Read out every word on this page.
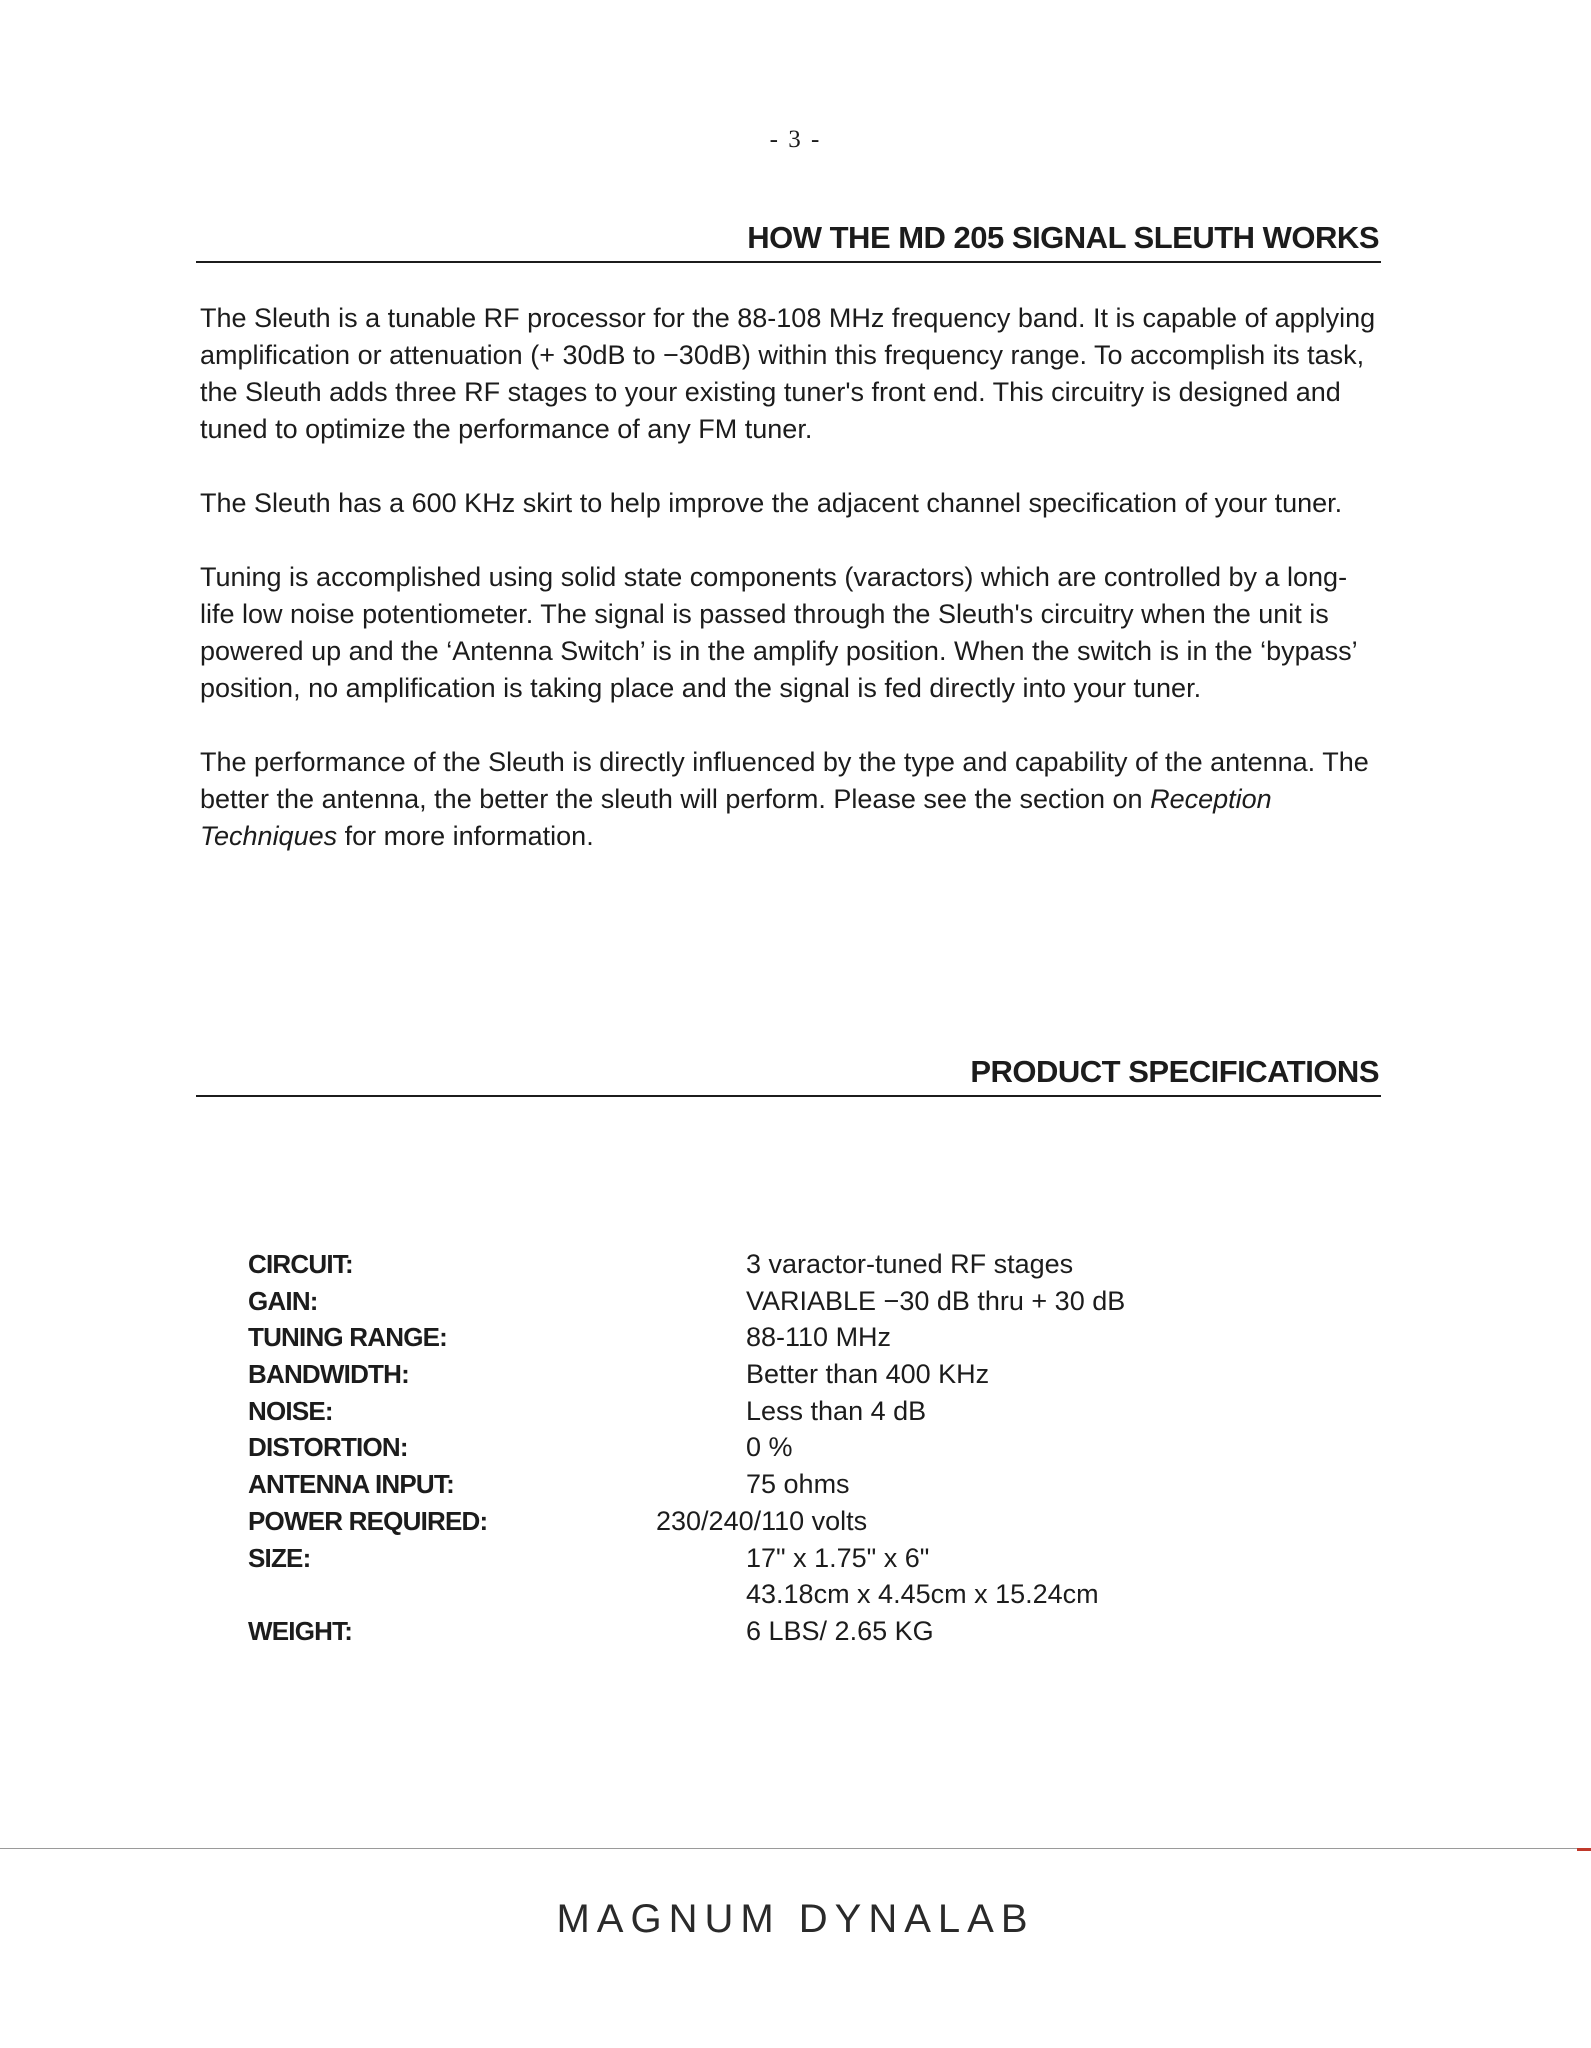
- 3 -
HOW THE MD 205 SIGNAL SLEUTH WORKS

The Sleuth is a tunable RF processor for the 88-108 MHz frequency band. It is capable of applying amplification or attenuation (+ 30dB to −30dB) within this frequency range. To accomplish its task, the Sleuth adds three RF stages to your existing tuner's front end. This circuitry is designed and tuned to optimize the performance of any FM tuner.

The Sleuth has a 600 KHz skirt to help improve the adjacent channel specification of your tuner.

Tuning is accomplished using solid state components (varactors) which are controlled by a long-life low noise potentiometer. The signal is passed through the Sleuth's circuitry when the unit is powered up and the ‘Antenna Switch’ is in the amplify position. When the switch is in the ‘bypass’ position, no amplification is taking place and the signal is fed directly into your tuner.

The performance of the Sleuth is directly influenced by the type and capability of the antenna. The better the antenna, the better the sleuth will perform. Please see the section on Reception Techniques for more information.

PRODUCT SPECIFICATIONS
CIRCUIT:	3 varactor-tuned RF stages
GAIN:	VARIABLE −30 dB thru + 30 dB
TUNING RANGE:	88-110 MHz
BANDWIDTH:	Better than 400 KHz
NOISE:	Less than 4 dB
DISTORTION:	0 %
ANTENNA INPUT:	75 ohms
POWER REQUIRED:	230/240/110 volts
SIZE:	17" x 1.75" x 6"
43.18cm x 4.45cm x 15.24cm
WEIGHT:	6 LBS/ 2.65 KG
MAGNUM DYNALAB
